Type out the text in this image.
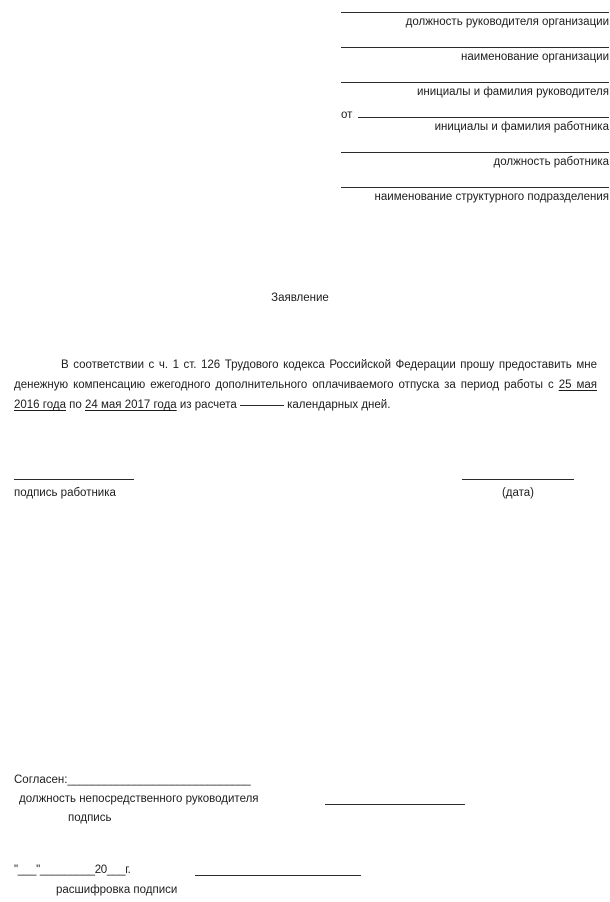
должность руководителя организации
наименование организации
инициалы и фамилия руководителя
от
инициалы и фамилия работника
должность работника
наименование структурного подразделения
Заявление
В соответствии с ч. 1 ст. 126 Трудового кодекса Российской Федерации прошу предоставить мне денежную компенсацию ежегодного дополнительного оплачиваемого отпуска за период работы с 25 мая 2016 года по 24 мая 2017 года из расчета	календарных дней.
подпись работника	(дата)
Согласен:______________________________
должность непосредственного руководителя
подпись
"___"_________20___г.
расшифровка подписи
